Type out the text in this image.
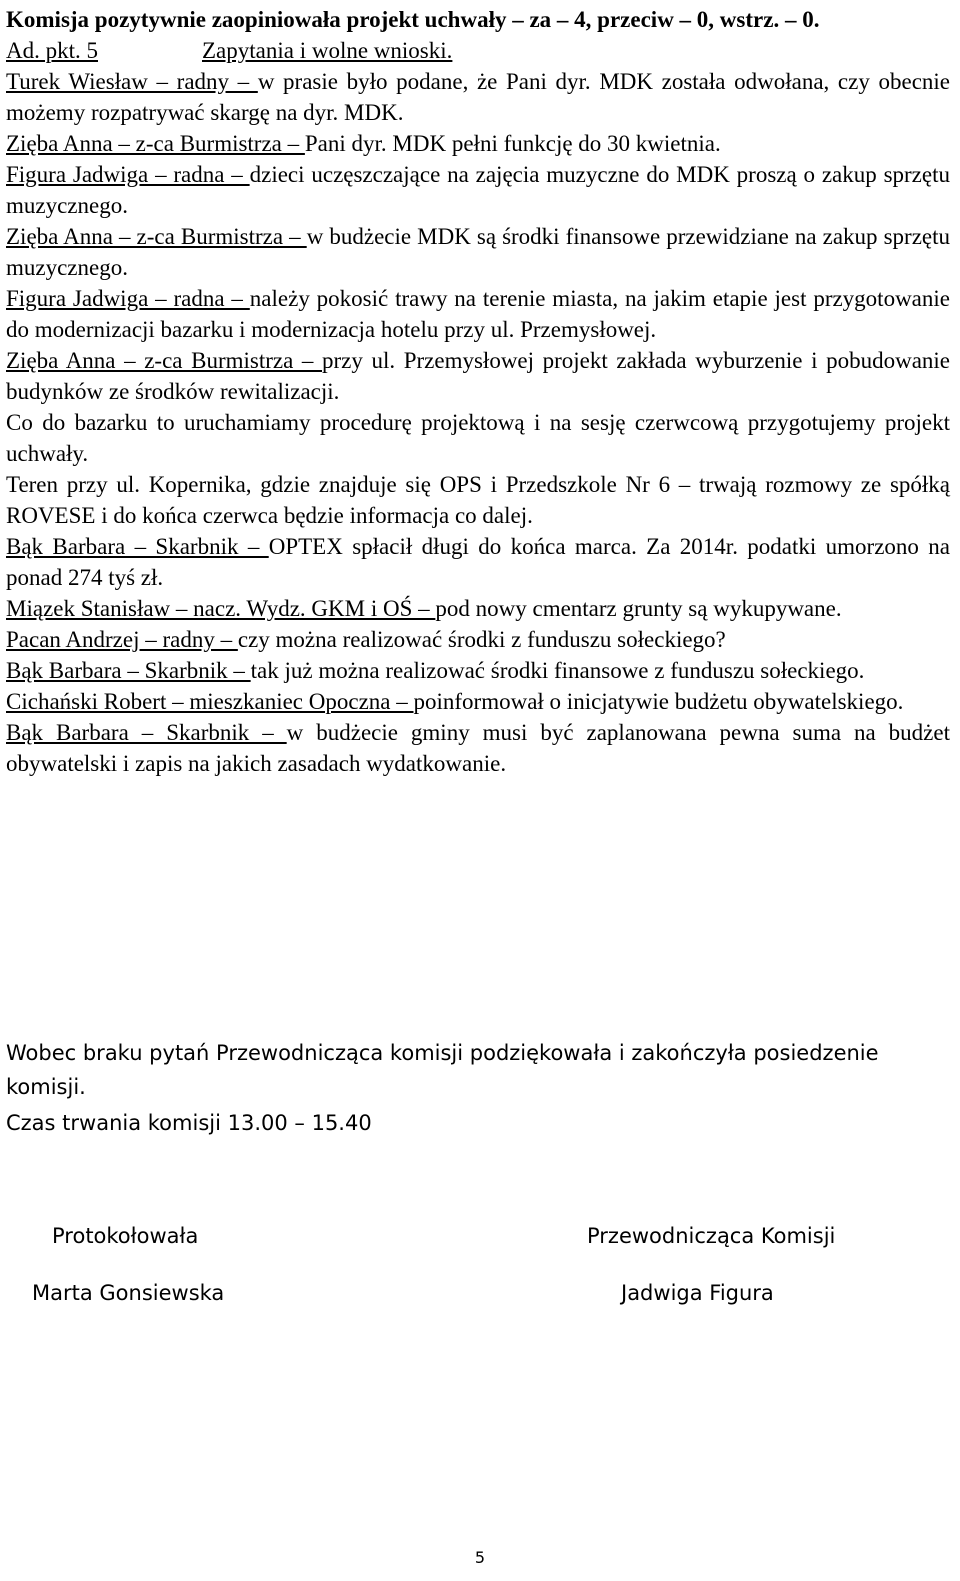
Komisja pozytywnie zaopiniowała projekt uchwały – za – 4, przeciw – 0, wstrz. – 0.

Ad. pkt. 5	Zapytania i wolne wnioski.

Turek Wiesław – radny – w prasie było podane, że Pani dyr. MDK została odwołana, czy obecnie możemy rozpatrywać skargę na dyr. MDK.

Zięba Anna – z-ca Burmistrza – Pani dyr. MDK pełni funkcję do 30 kwietnia.

Figura Jadwiga – radna – dzieci uczęszczające na zajęcia muzyczne do MDK proszą o zakup sprzętu muzycznego.

Zięba Anna – z-ca Burmistrza – w budżecie MDK są środki finansowe przewidziane na zakup sprzętu muzycznego.

Figura Jadwiga – radna – należy pokosić trawy na terenie miasta, na jakim etapie jest przygotowanie do modernizacji bazarku i modernizacja hotelu przy ul. Przemysłowej.

Zięba Anna – z-ca Burmistrza – przy ul. Przemysłowej projekt zakłada wyburzenie i pobudowanie budynków ze środków rewitalizacji.

Co do bazarku to uruchamiamy procedurę projektową i na sesję czerwcową przygotujemy projekt uchwały.

Teren przy ul. Kopernika, gdzie znajduje się OPS i Przedszkole Nr 6 – trwają rozmowy ze spółką ROVESE i do końca czerwca będzie informacja co dalej.

Bąk Barbara – Skarbnik – OPTEX spłacił długi do końca marca. Za 2014r. podatki umorzono na ponad 274 tyś zł.

Miązek Stanisław – nacz. Wydz. GKM i OŚ – pod nowy cmentarz grunty są wykupywane.

Pacan Andrzej – radny – czy można realizować środki z funduszu sołeckiego?

Bąk Barbara – Skarbnik – tak już można realizować środki finansowe z funduszu sołeckiego.

Cichański Robert – mieszkaniec Opoczna – poinformował o inicjatywie budżetu obywatelskiego.

Bąk Barbara – Skarbnik – w budżecie gminy musi być zaplanowana pewna suma na budżet obywatelski i zapis na jakich zasadach wydatkowanie.

Wobec braku pytań Przewodnicząca komisji podziękowała i zakończyła posiedzenie komisji.

Czas trwania komisji 13.00 – 15.40

Protokołowała
Marta Gonsiewska
Przewodnicząca Komisji
Jadwiga Figura
5
